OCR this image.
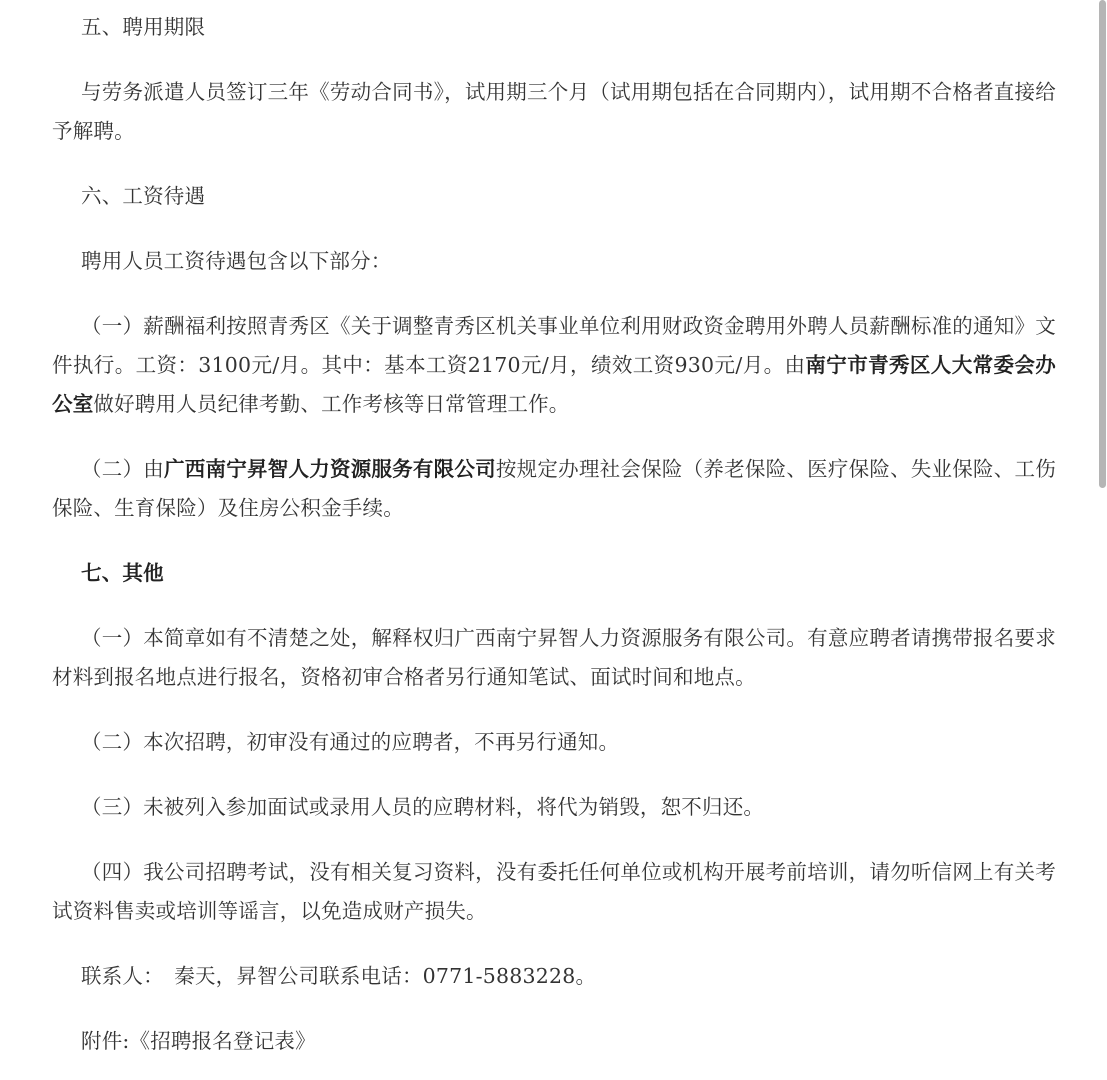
五、聘用期限

与劳务派遣人员签订三年《劳动合同书》，试用期三个月（试用期包括在合同期内），试用期不合格者直接给予解聘。

六、工资待遇

聘用人员工资待遇包含以下部分：

（一）薪酬福利按照青秀区《关于调整青秀区机关事业单位利用财政资金聘用外聘人员薪酬标准的通知》文件执行。工资：3100元/月。其中：基本工资2170元/月，绩效工资930元/月。由南宁市青秀区人大常委会办公室做好聘用人员纪律考勤、工作考核等日常管理工作。

（二）由广西南宁昇智人力资源服务有限公司按规定办理社会保险（养老保险、医疗保险、失业保险、工伤保险、生育保险）及住房公积金手续。

七、其他

（一）本简章如有不清楚之处，解释权归广西南宁昇智人力资源服务有限公司。有意应聘者请携带报名要求材料到报名地点进行报名，资格初审合格者另行通知笔试、面试时间和地点。

（二）本次招聘，初审没有通过的应聘者，不再另行通知。

（三）未被列入参加面试或录用人员的应聘材料，将代为销毁，恕不归还。

（四）我公司招聘考试，没有相关复习资料，没有委托任何单位或机构开展考前培训，请勿听信网上有关考试资料售卖或培训等谣言，以免造成财产损失。

联系人：　秦天，昇智公司联系电话：0771-5883228。

附件:《招聘报名登记表》
